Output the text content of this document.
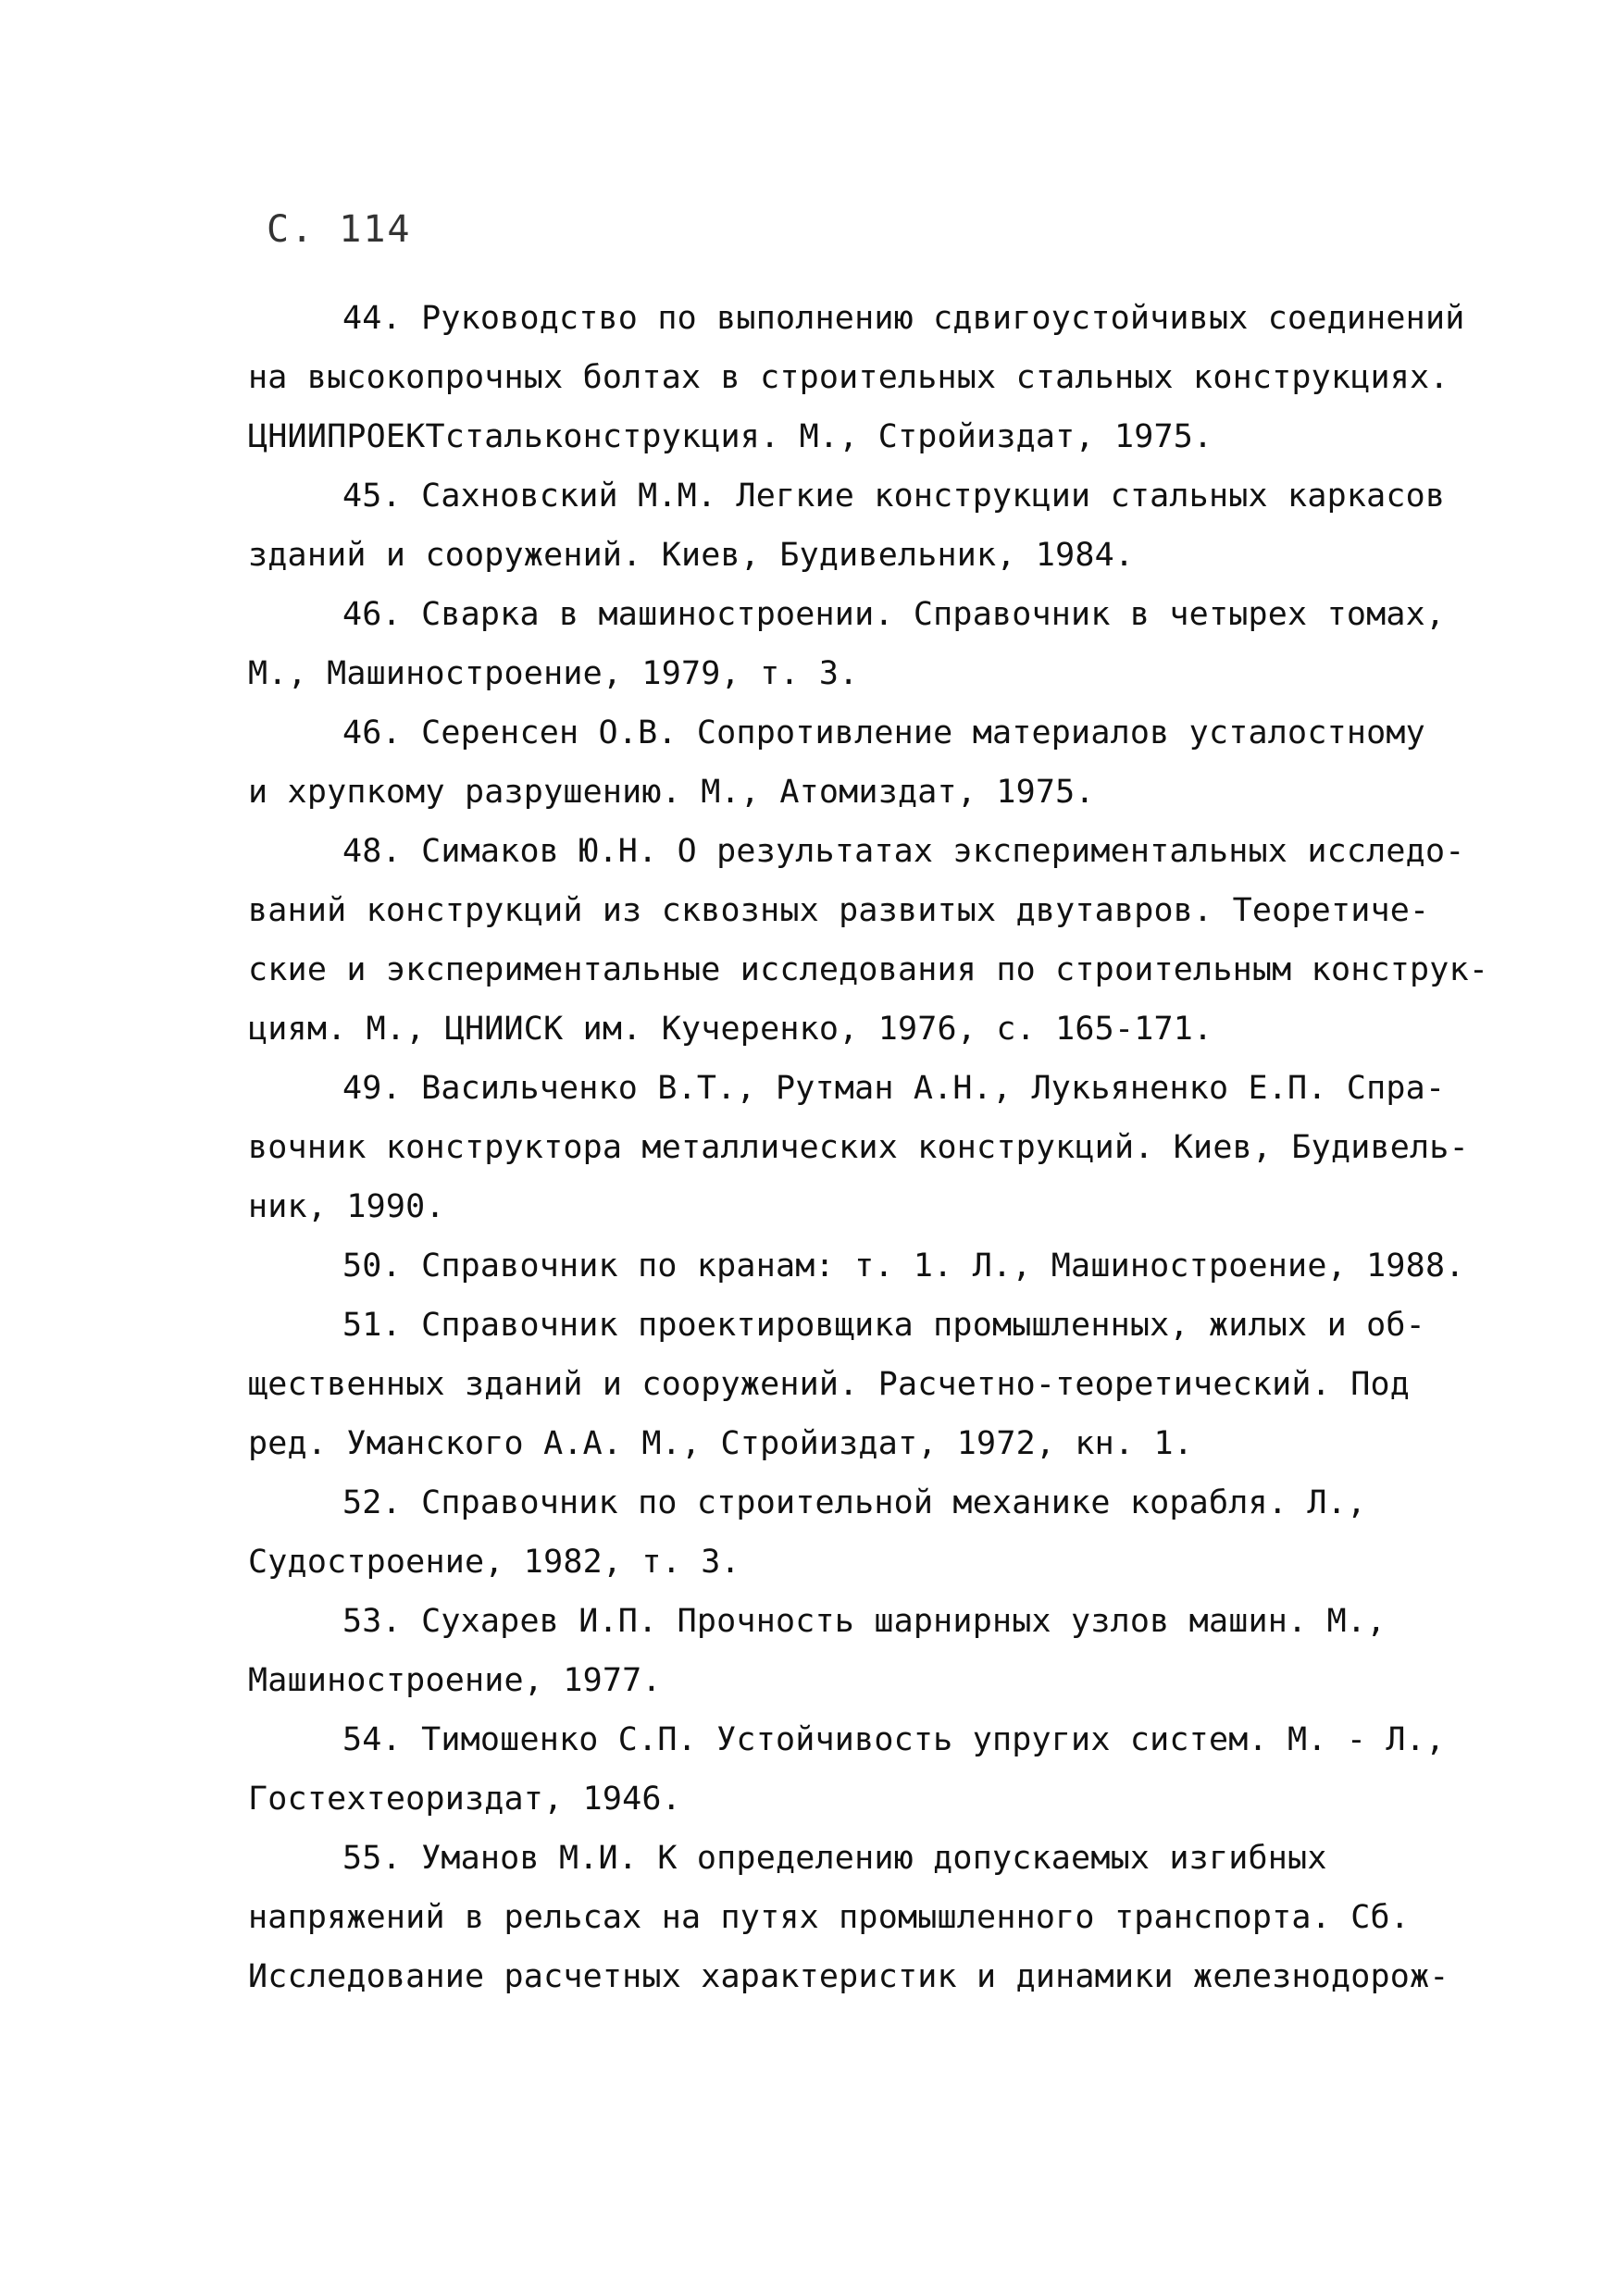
С. 114
44. Руководство по выполнению сдвигоустойчивых соединений
на высокопрочных болтах в строительных стальных конструкциях.
ЦНИИПРОЕКТстальконструкция. М., Стройиздат, 1975.
45. Сахновский М.М. Легкие конструкции стальных каркасов
зданий и сооружений. Киев, Будивельник, 1984.
46. Сварка в машиностроении. Справочник в четырех томах,
М., Машиностроение, 1979, т. 3.
46. Серенсен О.В. Сопротивление материалов усталостному
и хрупкому разрушению. М., Атомиздат, 1975.
48. Симаков Ю.Н. О результатах экспериментальных исследо-
ваний конструкций из сквозных развитых двутавров. Теоретиче-
ские и экспериментальные исследования по строительным конструк-
циям. М., ЦНИИСК им. Кучеренко, 1976, с. 165-171.
49. Васильченко В.Т., Рутман А.Н., Лукьяненко Е.П. Спра-
вочник конструктора металлических конструкций. Киев, Будивель-
ник, 1990.
50. Справочник по кранам: т. 1. Л., Машиностроение, 1988.
51. Справочник проектировщика промышленных, жилых и об-
щественных зданий и сооружений. Расчетно-теоретический. Под
ред. Уманского А.А. М., Стройиздат, 1972, кн. 1.
52. Справочник по строительной механике корабля. Л.,
Судостроение, 1982, т. 3.
53. Сухарев И.П. Прочность шарнирных узлов машин. М.,
Машиностроение, 1977.
54. Тимошенко С.П. Устойчивость упругих систем. М. - Л.,
Гостехтеориздат, 1946.
55. Уманов М.И. К определению допускаемых изгибных
напряжений в рельсах на путях промышленного транспорта. Сб.
Исследование расчетных характеристик и динамики железнодорож-
